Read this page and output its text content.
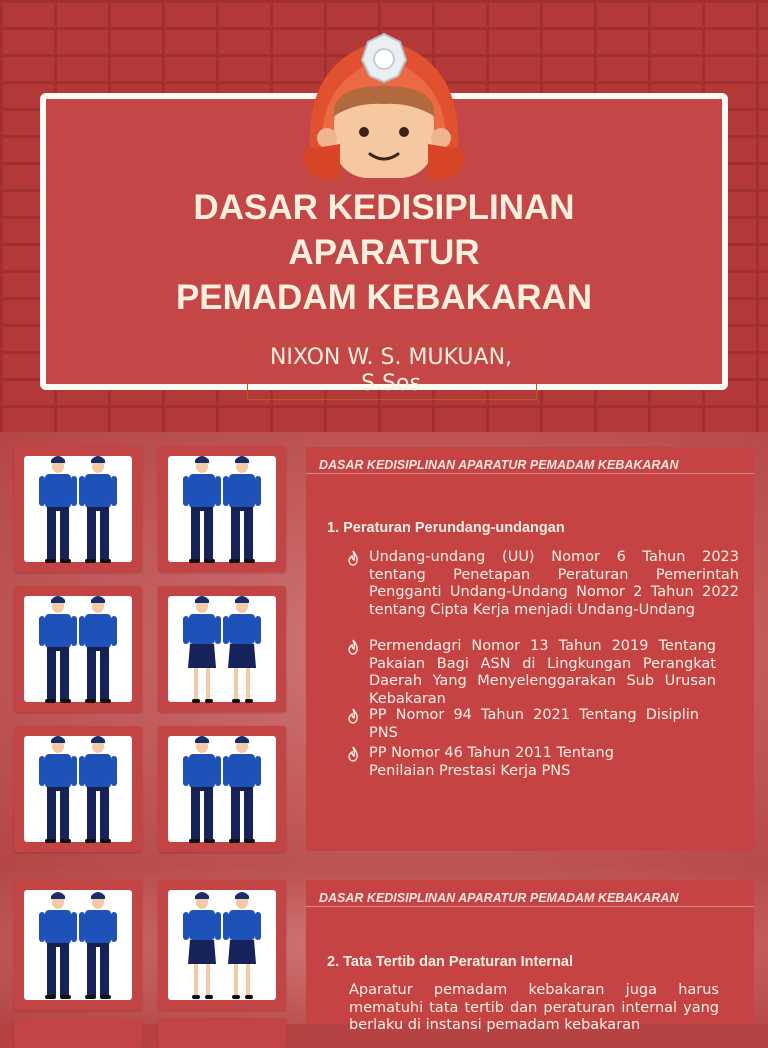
DASAR KEDISIPLINAN
APARATUR
PEMADAM KEBAKARAN
NIXON W. S. MUKUAN, S.Sos
DASAR KEDISIPLINAN APARATUR PEMADAM KEBAKARAN
1. Peraturan Perundang-undangan
Undang-undang (UU) Nomor 6 Tahun 2023 tentang Penetapan Peraturan Pemerintah Pengganti Undang-Undang Nomor 2 Tahun 2022 tentang Cipta Kerja menjadi Undang-Undang
Permendagri Nomor 13 Tahun 2019 Tentang Pakaian Bagi ASN di Lingkungan Perangkat Daerah Yang Menyelenggarakan Sub Urusan Kebakaran
PP Nomor 94 Tahun 2021 Tentang Disiplin PNS
PP Nomor 46 Tahun 2011 Tentang Penilaian Prestasi Kerja PNS
DASAR KEDISIPLINAN APARATUR PEMADAM KEBAKARAN
2. Tata Tertib dan Peraturan Internal
Aparatur pemadam kebakaran juga harus mematuhi tata tertib dan peraturan internal yang berlaku di instansi pemadam kebakaran
